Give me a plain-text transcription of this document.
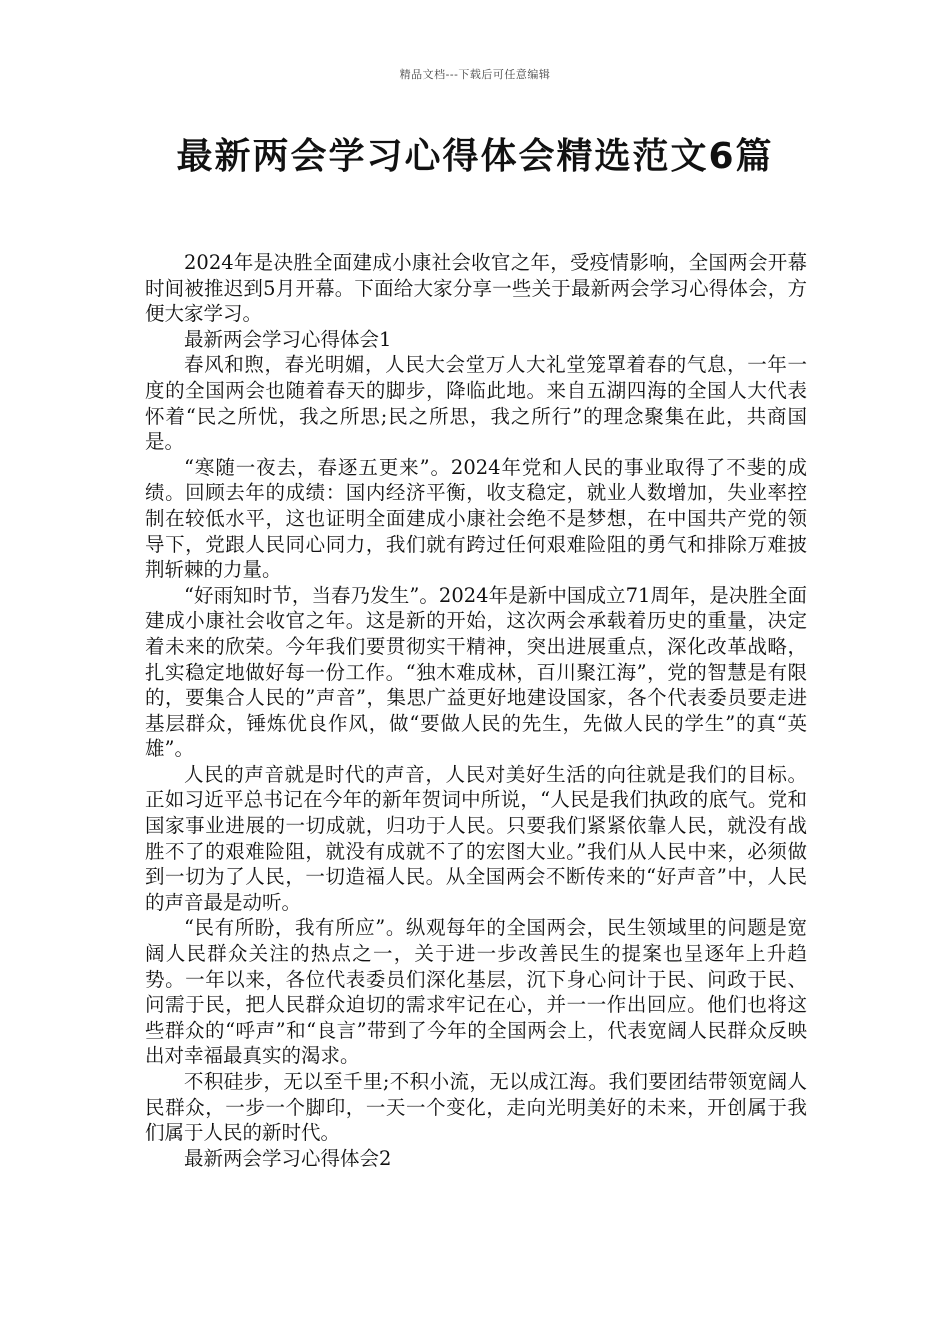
精品文档---下载后可任意编辑
最新两会学习心得体会精选范文6篇

2024年是决胜全面建成小康社会收官之年，受疫情影响，全国两会开幕时间被推迟到5月开幕。下面给大家分享一些关于最新两会学习心得体会，方便大家学习。

最新两会学习心得体会1

春风和煦，春光明媚，人民大会堂万人大礼堂笼罩着春的气息，一年一度的全国两会也随着春天的脚步，降临此地。来自五湖四海的全国人大代表怀着“民之所忧，我之所思;民之所思，我之所行”的理念聚集在此，共商国是。

“寒随一夜去，春逐五更来”。2024年党和人民的事业取得了不斐的成绩。回顾去年的成绩：国内经济平衡，收支稳定，就业人数增加，失业率控制在较低水平，这也证明全面建成小康社会绝不是梦想，在中国共产党的领导下，党跟人民同心同力，我们就有跨过任何艰难险阻的勇气和排除万难披荆斩棘的力量。

“好雨知时节，当春乃发生”。2024年是新中国成立71周年，是决胜全面建成小康社会收官之年。这是新的开始，这次两会承载着历史的重量，决定着未来的欣荣。今年我们要贯彻实干精神，突出进展重点，深化改革战略，扎实稳定地做好每一份工作。“独木难成林，百川聚江海”，党的智慧是有限的，要集合人民的”声音”，集思广益更好地建设国家，各个代表委员要走进基层群众，锤炼优良作风，做“要做人民的先生，先做人民的学生”的真“英雄”。

人民的声音就是时代的声音，人民对美好生活的向往就是我们的目标。正如习近平总书记在今年的新年贺词中所说，“人民是我们执政的底气。党和国家事业进展的一切成就，归功于人民。只要我们紧紧依靠人民，就没有战胜不了的艰难险阻，就没有成就不了的宏图大业。”我们从人民中来，必须做到一切为了人民，一切造福人民。从全国两会不断传来的“好声音”中，人民的声音最是动听。

“民有所盼，我有所应”。纵观每年的全国两会，民生领域里的问题是宽阔人民群众关注的热点之一，关于进一步改善民生的提案也呈逐年上升趋势。一年以来，各位代表委员们深化基层，沉下身心问计于民、问政于民、问需于民，把人民群众迫切的需求牢记在心，并一一作出回应。他们也将这些群众的“呼声”和“良言”带到了今年的全国两会上，代表宽阔人民群众反映出对幸福最真实的渴求。

不积硅步，无以至千里;不积小流，无以成江海。我们要团结带领宽阔人民群众，一步一个脚印，一天一个变化，走向光明美好的未来，开创属于我们属于人民的新时代。

最新两会学习心得体会2
